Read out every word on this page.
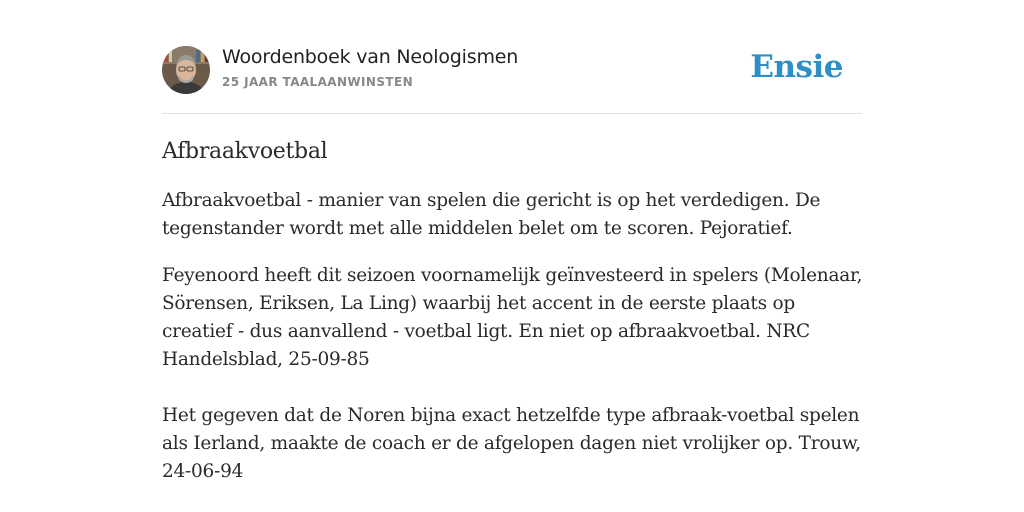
Woordenboek van Neologismen
25 JAAR TAALAANWINSTEN	Ensie
Afbraakvoetbal

Afbraakvoetbal - manier van spelen die gericht is op het verdedigen. De tegenstander wordt met alle middelen belet om te scoren. Pejoratief.

Feyenoord heeft dit seizoen voornamelijk geïnvesteerd in spelers (Molenaar, Sörensen, Eriksen, La Ling) waarbij het accent in de eerste plaats op creatief - dus aanvallend - voetbal ligt. En niet op afbraakvoetbal. NRC Handelsblad, 25-09-85

Het gegeven dat de Noren bijna exact hetzelfde type afbraak-voetbal spelen als Ierland, maakte de coach er de afgelopen dagen niet vrolijker op. Trouw, 24-06-94
